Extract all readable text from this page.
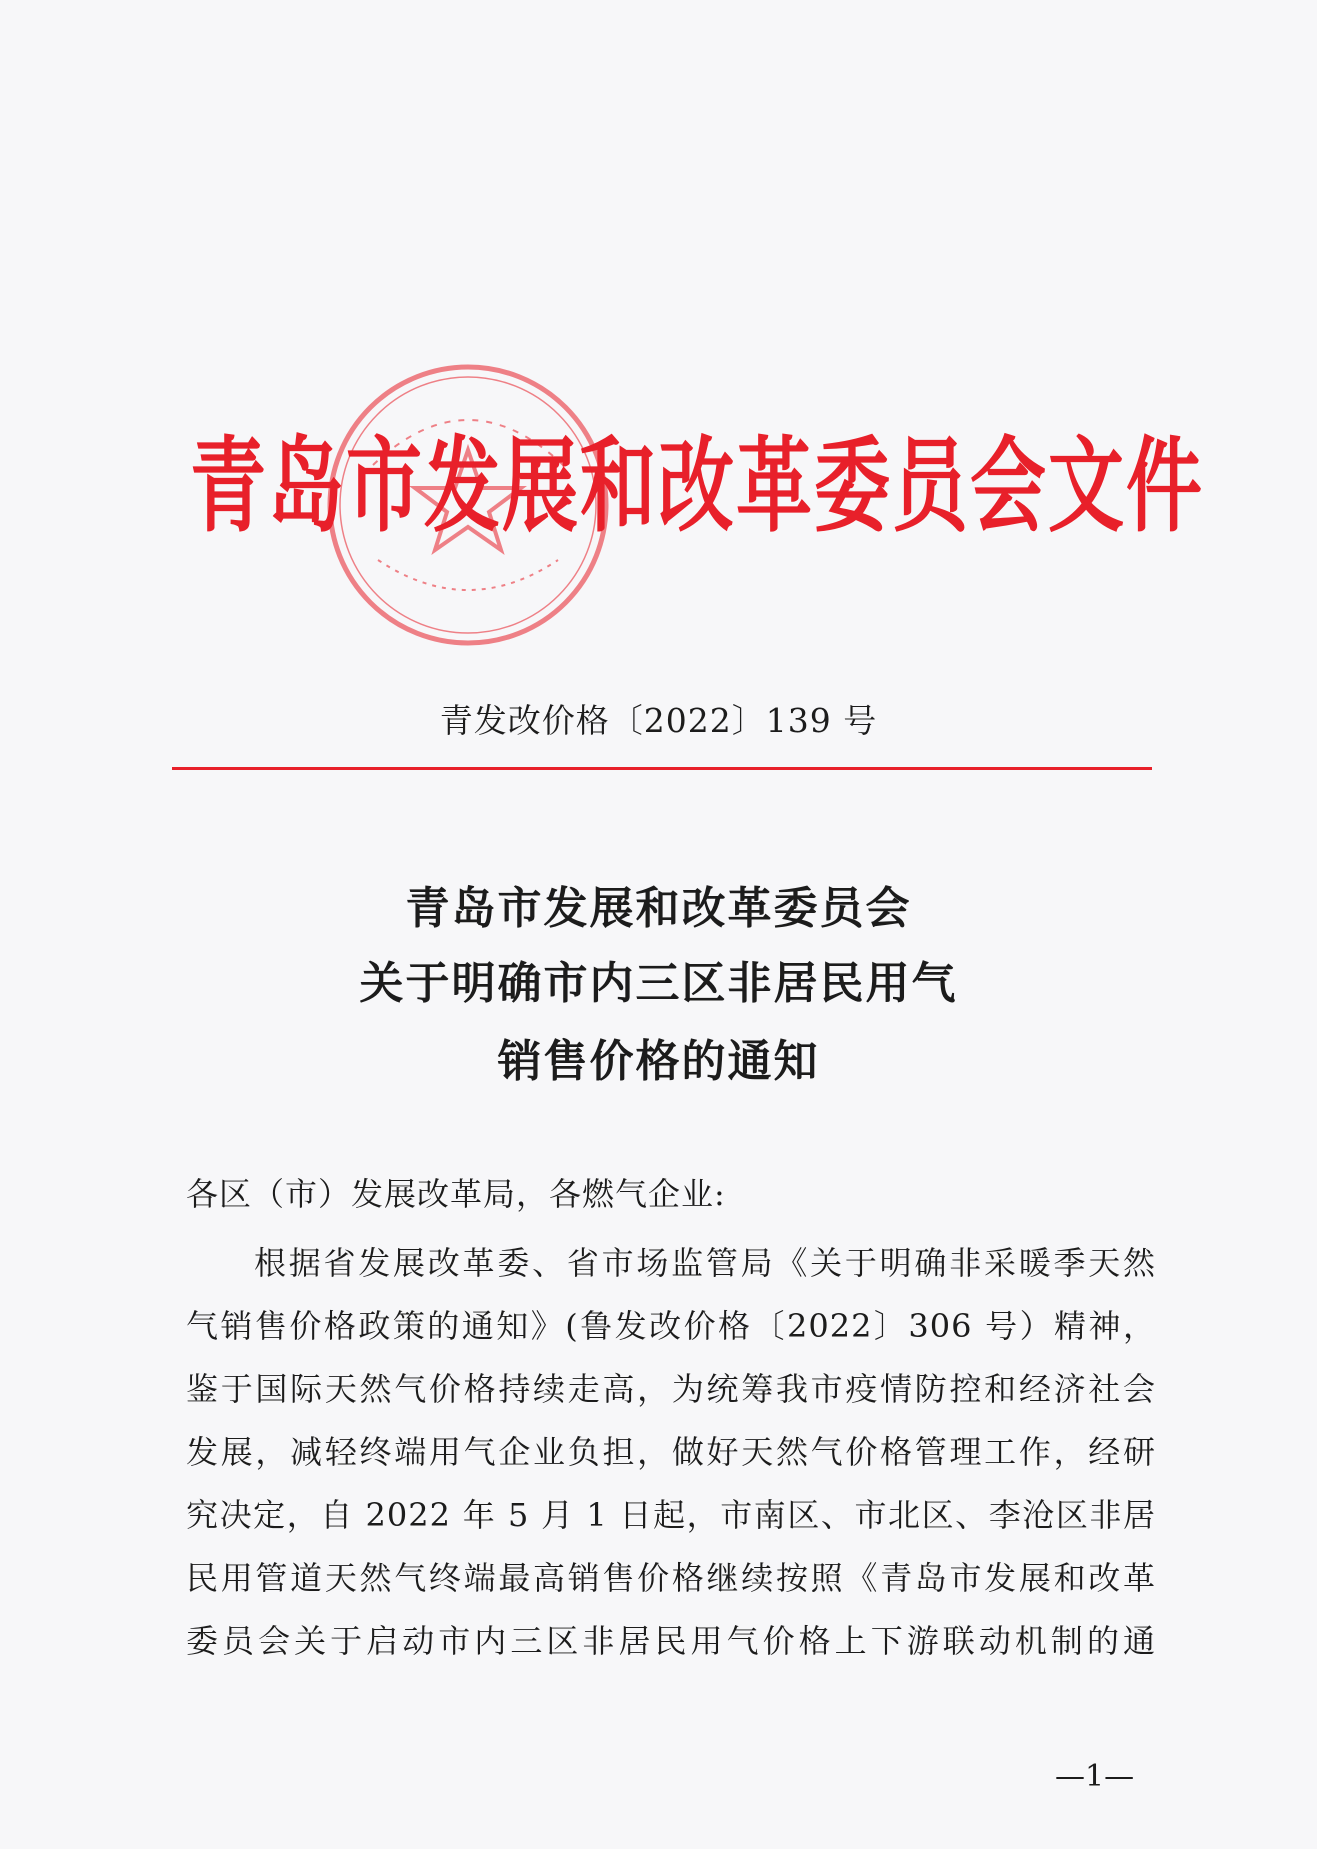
青岛市发展和改革委员会文件
青发改价格〔2022〕139 号
青岛市发展和改革委员会
关于明确市内三区非居民用气
销售价格的通知
各区（市）发展改革局，各燃气企业:
根据省发展改革委、省市场监管局《关于明确非采暖季天然
气销售价格政策的通知》(鲁发改价格〔2022〕306 号）精神，
鉴于国际天然气价格持续走高，为统筹我市疫情防控和经济社会
发展，减轻终端用气企业负担，做好天然气价格管理工作，经研
究决定，自 2022 年 5 月 1 日起，市南区、市北区、李沧区非居
民用管道天然气终端最高销售价格继续按照《青岛市发展和改革
委员会关于启动市内三区非居民用气价格上下游联动机制的通
—1—
